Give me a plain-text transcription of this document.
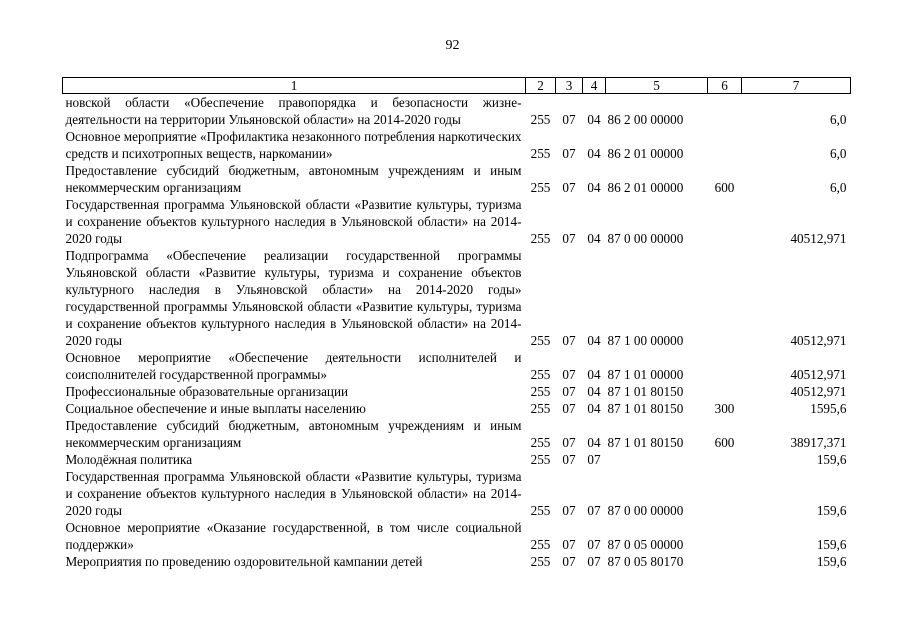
92
1	2	3	4	5	6	7
новской области «Обеспечение правопорядка и безопасности жизнедеятельности на территории Ульяновской области» на 2014-2020 годы	255	07	04	86 2 00 00000		6,0
Основное мероприятие «Профилактика незаконного потребления наркотических средств и психотропных веществ, наркомании»	255	07	04	86 2 01 00000		6,0
Предоставление субсидий бюджетным, автономным учреждениям и иным некоммерческим организациям	255	07	04	86 2 01 00000	600	6,0
Государственная программа Ульяновской области «Развитие культуры, туризма и сохранение объектов культурного наследия в Ульяновской области» на 2014-2020 годы	255	07	04	87 0 00 00000		40512,971
Подпрограмма «Обеспечение реализации государственной программы Ульяновской области «Развитие культуры, туризма и сохранение объектов культурного наследия в Ульяновской области» на 2014-2020 годы» государственной программы Ульяновской области «Развитие культуры, туризма и сохранение объектов культурного наследия в Ульяновской области» на 2014-2020 годы	255	07	04	87 1 00 00000		40512,971
Основное мероприятие «Обеспечение деятельности исполнителей и соисполнителей государственной программы»	255	07	04	87 1 01 00000		40512,971
Профессиональные образовательные организации	255	07	04	87 1 01 80150		40512,971
Социальное обеспечение и иные выплаты населению	255	07	04	87 1 01 80150	300	1595,6
Предоставление субсидий бюджетным, автономным учреждениям и иным некоммерческим организациям	255	07	04	87 1 01 80150	600	38917,371
Молодёжная политика	255	07	07			159,6
Государственная программа Ульяновской области «Развитие культуры, туризма и сохранение объектов культурного наследия в Ульяновской области» на 2014-2020 годы	255	07	07	87 0 00 00000		159,6
Основное мероприятие «Оказание государственной, в том числе социальной поддержки»	255	07	07	87 0 05 00000		159,6
Мероприятия по проведению оздоровительной кампании детей	255	07	07	87 0 05 80170		159,6
